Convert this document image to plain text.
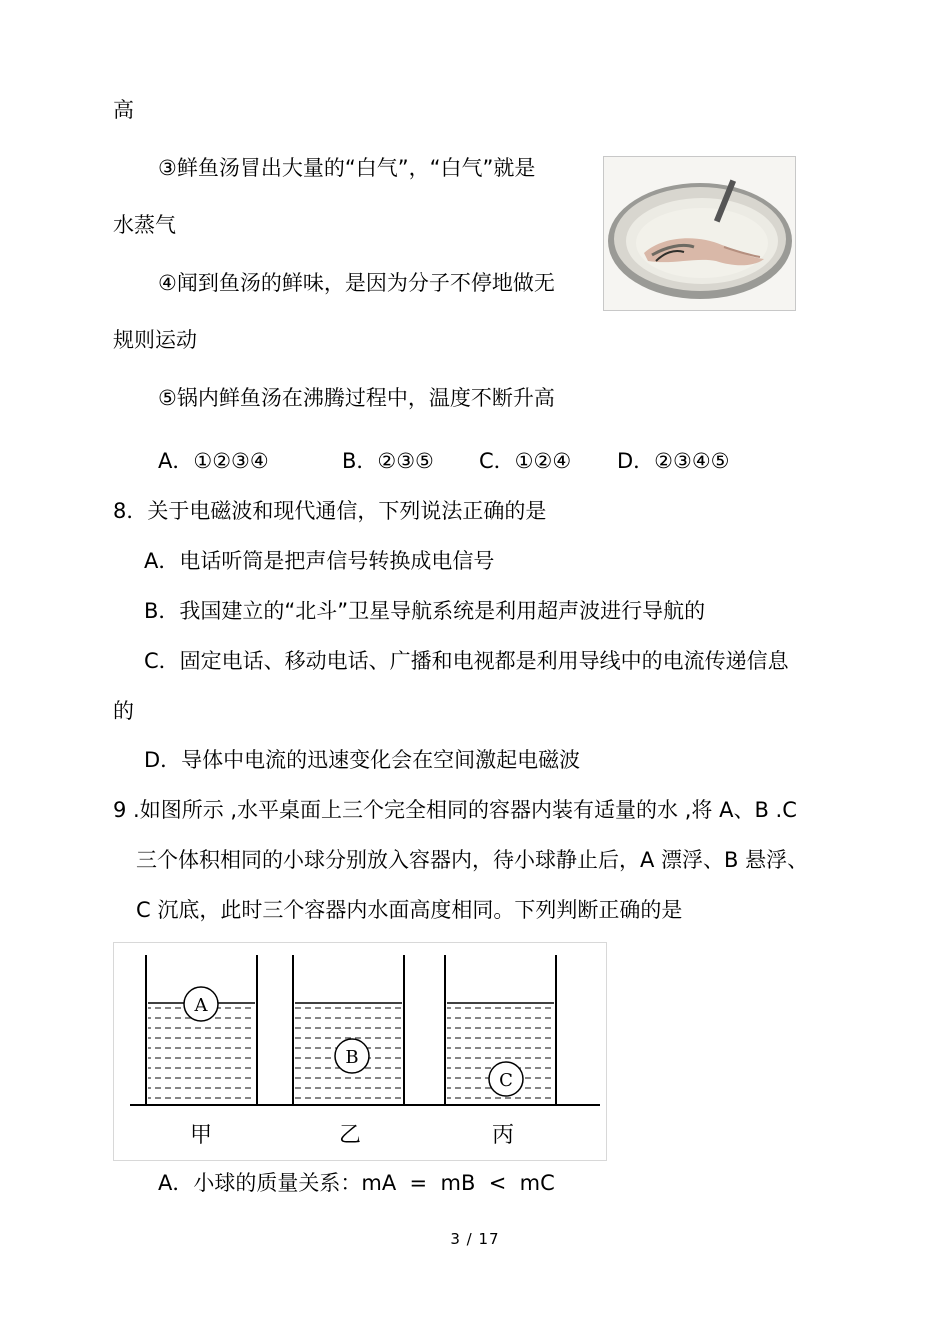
高
③鲜鱼汤冒出大量的“白气”，“白气”就是
水蒸气
④闻到鱼汤的鲜味，是因为分子不停地做无
规则运动
⑤锅内鲜鱼汤在沸腾过程中，温度不断升高
A．①②③④	B．②③⑤ C．①②④ D．②③④⑤
8．关于电磁波和现代通信，下列说法正确的是
A．电话听筒是把声信号转换成电信号
B．我国建立的“北斗”卫星导航系统是利用超声波进行导航的
C．固定电话、移动电话、广播和电视都是利用导线中的电流传递信息
的
D．导体中电流的迅速变化会在空间激起电磁波
9 .如图所示 ,水平桌面上三个完全相同的容器内装有适量的水 ,将 A、B .C
三个体积相同的小球分别放入容器内，待小球静止后，A 漂浮、B 悬浮、
C 沉底，此时三个容器内水面高度相同。下列判断正确的是
A
B
C
甲	乙	丙
A．小球的质量关系：mA  =  mB  <  mC
3 / 17
